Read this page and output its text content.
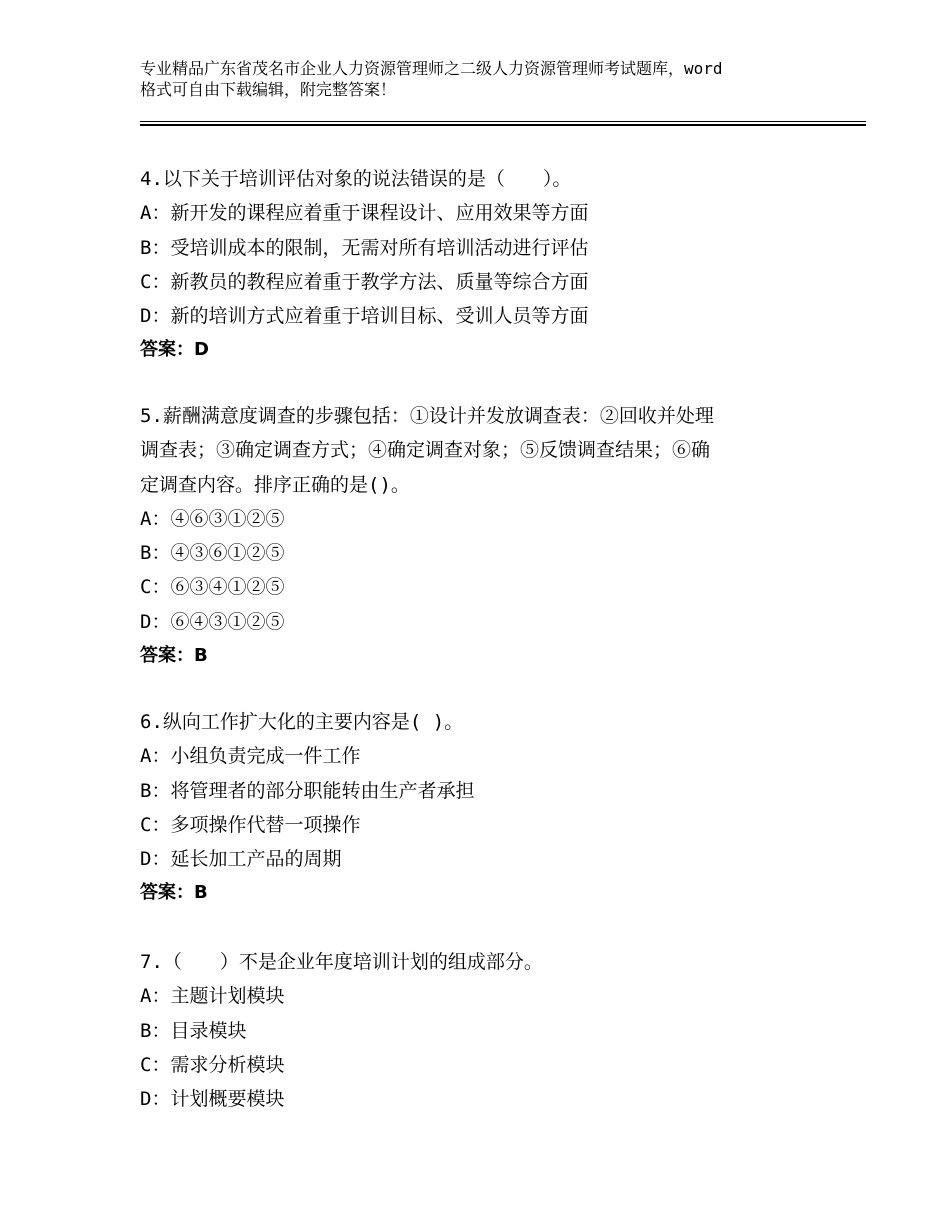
专业精品广东省茂名市企业人力资源管理师之二级人力资源管理师考试题库，word

格式可自由下载编辑，附完整答案！

4.以下关于培训评估对象的说法错误的是（　　）。

A：新开发的课程应着重于课程设计、应用效果等方面

B：受培训成本的限制，无需对所有培训活动进行评估

C：新教员的教程应着重于教学方法、质量等综合方面

D：新的培训方式应着重于培训目标、受训人员等方面

答案：D

5.薪酬满意度调查的步骤包括：①设计并发放调查表：②回收并处理

调查表；③确定调查方式；④确定调查对象；⑤反馈调查结果；⑥确

定调查内容。排序正确的是()。

A：④⑥③①②⑤

B：④③⑥①②⑤

C：⑥③④①②⑤

D：⑥④③①②⑤

答案：B

6.纵向工作扩大化的主要内容是( )。

A：小组负责完成一件工作

B：将管理者的部分职能转由生产者承担

C：多项操作代替一项操作

D：延长加工产品的周期

答案：B

7.（　　）不是企业年度培训计划的组成部分。

A：主题计划模块

B：目录模块

C：需求分析模块

D：计划概要模块
